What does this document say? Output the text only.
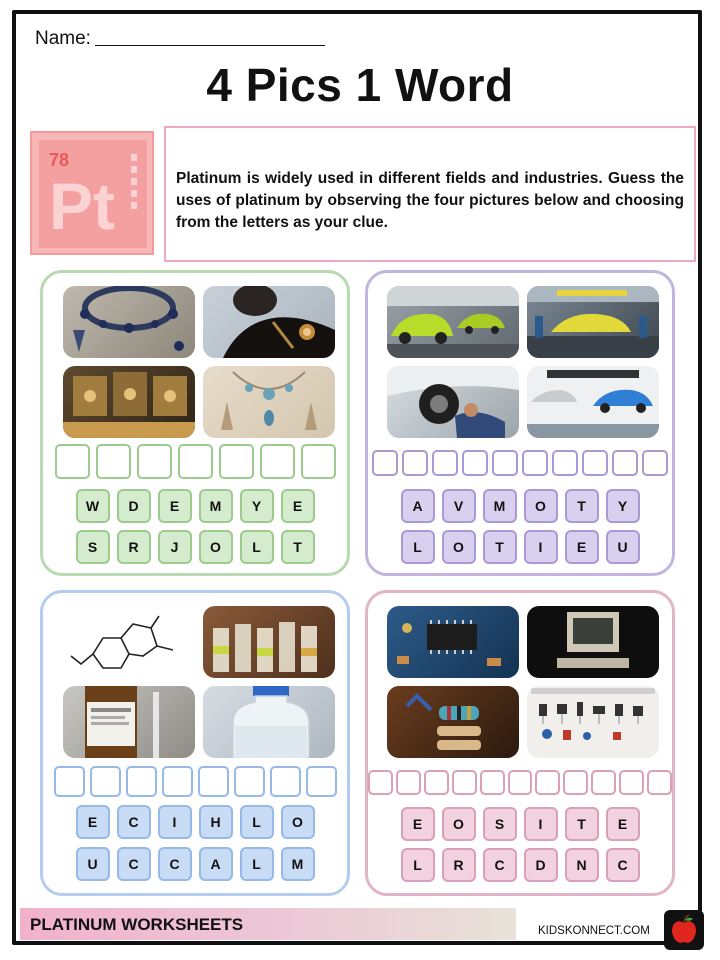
Name:
4 Pics 1 Word
78
Pt	Platinum is widely used in different fields and industries. Guess the uses of platinum by observing the four pictures below and choosing from the letters as your clue.

W	D	E	M	Y	E
S	R	J	O	L	T
A	V	M	O	T	Y
L	O	T	I	E	U
E	C	I	H	L	O
U	C	C	A	L	M
E	O	S	I	T	E
L	R	C	D	N	C
PLATINUM WORKSHEETS	KIDSKONNECT.COM
